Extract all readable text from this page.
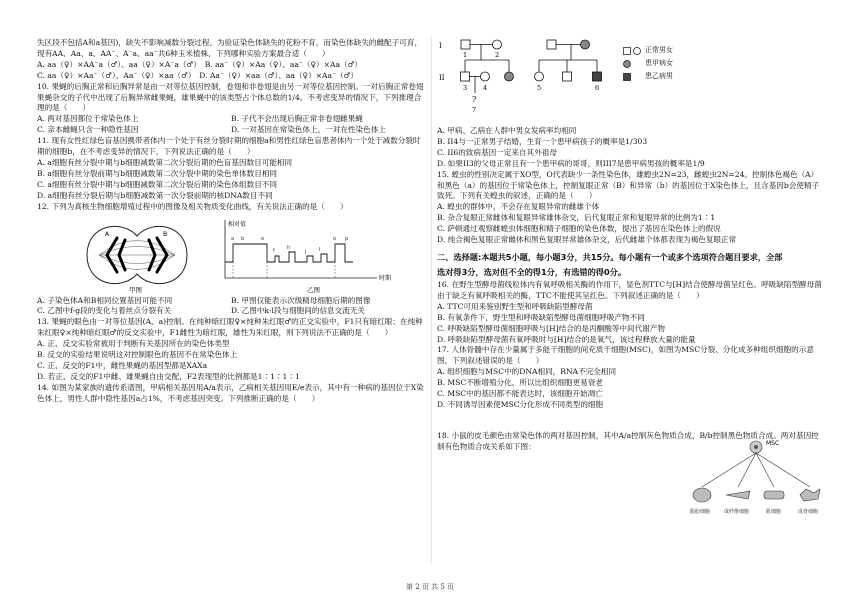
失区段不包括A和a基因)，缺失不影响减数分裂过程。为验证染色体缺失的花粉不育，而染色体缺失的雌配子可育，现有AA、Aa、a、AA⁻、A⁻a、aa⁻共6种玉米植株，下列哪种实验方案最合适（　　）

A. aa（♀）×AA⁻a（♂）、aa（♀）×A⁻a（♂）　B. aa⁻（♀）×Aa（♀）、aa⁻（♀）×Aa（♂）

C. aa（♀）×Aa⁻（♂）、Aa⁻（♀）×aa（♂）　D. Aa⁻（♀）×aa（♂）、aa（♀）×Aa⁻（♂）

10. 果蝇的后胸正常和后胸异常是由一对等位基因控制，卷翅和非卷翅是由另一对等位基因控制。一对后胸正常卷翅果蝇杂交的子代中出现了后胸异常雌果蝇，雄果蝇中的该类型占个体总数的1/4。不考虑变异的情况下，下列推理合理的是（　　）

A. 两对基因都位于常染色体上	B. 子代不会出现后胸正常非卷翅雌果蝇
C. 亲本雌蝇只含一种隐性基因	D. 一对基因在常染色体上，一对在性染色体上

11. 现有女性红绿色盲基因携带者体内一个处于有丝分裂时期的细胞a和男性红绿色盲患者体内一个处于减数分裂时期的细胞b，在不考虑变异的情况下，下列说法正确的是（　　）

A. a细胞有丝分裂中期与b细胞减数第二次分裂后期的色盲基因数目可能相同

B. a细胞有丝分裂前期与b细胞减数第二次分裂中期的染色单体数目相同

C. a细胞有丝分裂中期与b细胞减数第二次分裂后期的染色体组数目不同

D. a细胞有丝分裂后期与b细胞减数第一次分裂前期的核DNA数目不同

12. 下列为真核生物细胞增殖过程中的图像及相关物质变化曲线，有关说法正确的是（　　）

A	B
甲图
相对值
时期
乙图
a b	e
f h
j	l
o p
A. 子染色体A和B相同位置基因可能不同	B. 甲图仅能表示次级精母细胞后期的图像
C. 乙图中f-g段的变化与着丝点分裂有关	D. 乙图中k-l段与细胞间的信息交流无关

13. 果蝇的眼色由一对等位基因(A、a)控制。在纯种暗红眼♀×纯种朱红眼♂的正交实验中，F1只有暗红眼；在纯种朱红眼♀×纯种暗红眼♂的反交实验中，F1雌性为暗红眼，雄性为朱红眼，则下列说法不正确的是（　　）

A. 正、反交实验常被用于判断有关基因所在的染色体类型

B. 反交的实验结果说明这对控制眼色的基因不在常染色体上

C. 正、反交的F1中，雌性果蝇的基因型都是XAXa

D. 若正、反交的F1中雌、雄果蝇自由交配，F2表现型的比例都是1∶1∶1∶1

14. 如图为某家族的遗传系谱图，甲病相关基因用A/a表示，乙病相关基因用E/e表示，其中有一种病的基因位于X染色体上，男性人群中隐性基因a占1%，不考虑基因突变。下列推断正确的是（　　）

I
II
1	2
3 4	5	6
?
7
正常男女
患甲病女
患乙病男

A. 甲病、乙病在人群中男女发病率均相同

B. II4与一正常男子结婚，生育一个患甲病孩子的概率是1/303

C. II6的致病基因一定来自其外祖母

D. 如果II3的父母正常且有一个患甲病的哥哥，则III7是患甲病男孩的概率是1/9

15. 蝗虫的性别决定属于XO型，O代表缺少一条性染色体，雄蝗虫2N=23，雌蝗虫2N=24。控制体色褐色（A）和黑色（a）的基因位于常染色体上，控制复眼正常（B）和异常（b）的基因位于X染色体上，且含基因b会使精子致死。下列有关蝗虫的叙述，正确的是（　　）

A. 蝗虫的群体中，不会存在复眼异常的雌雄个体

B. 杂合复眼正常雌体和复眼异常雄体杂交，后代复眼正常和复眼异常的比例为1∶1

C. 萨顿通过观察雌蝗虫体细胞和精子细胞的染色体数，提出了基因在染色体上的假说

D. 纯合褐色复眼正常雌体和黑色复眼异常雄体杂交，后代雌雄个体都表现为褐色复眼正常

二、选择题:本题共5小题，每小题3分，共15分。每小题有一个或多个选项符合题目要求，全部

选对得3分，选对但不全的得1分，有选错的得0分。

16. 在野生型酵母菌线粒体内有氧呼吸相关酶的作用下，显色剂TTC与[H]结合使酵母菌呈红色。呼吸缺陷型酵母菌由于缺乏有氧呼吸相关的酶，TTC不能使其呈红色。下列叙述正确的是（　　）

A. TTC可用来鉴别野生型和呼吸缺陷型酵母菌

B. 有氧条件下，野生型和呼吸缺陷型酵母菌细胞呼吸产物不同

C. 呼吸缺陷型酵母菌细胞呼吸与[H]结合的是丙酮酸等中间代谢产物

D. 呼吸缺陷型酵母菌有氧呼吸时与[H]结合的是氧气，该过程释放大量的能量

17. 人体骨髓中存在少量属于多能干细胞的间充质干细胞(MSC)，如图为MSC分裂、分化成多种组织细胞的示意图，下列叙述错误的是（　　）

A. 组织细胞与MSC中的DNA相同，RNA不完全相同

B. MSC不断增殖分化，所以比组织细胞更易衰老

C. MSC中的基因都不能表达时，该细胞开始凋亡

D. 不同诱导因素使MSC分化形成不同类型的细胞

18. 小鼠的皮毛颜色由常染色体的两对基因控制，其中A/a控制灰色物质合成，B/b控制黑色物质合成。两对基因控制有色物质合成关系如下图：	MSC
脂肪细胞	成纤维细胞	肌细胞	成骨细胞
第 2 页 共 5 页
